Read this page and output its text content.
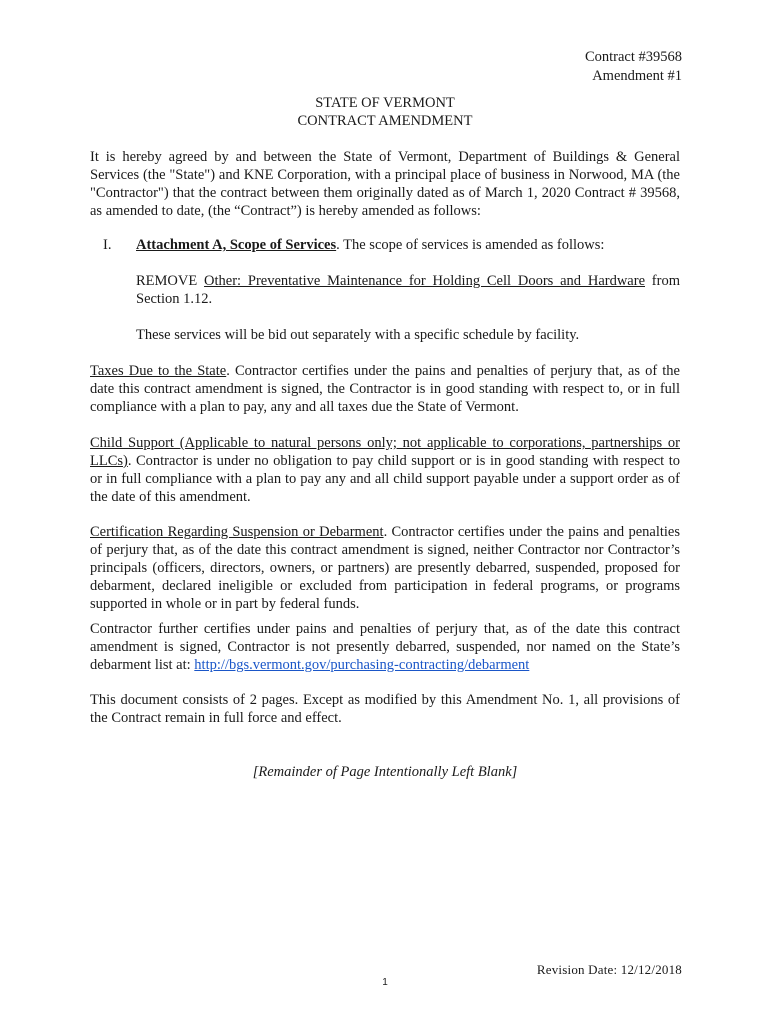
Contract #39568
Amendment #1
STATE OF VERMONT
CONTRACT AMENDMENT
It is hereby agreed by and between the State of Vermont, Department of Buildings & General Services (the "State") and KNE Corporation, with a principal place of business in Norwood, MA (the "Contractor") that the contract between them originally dated as of March 1, 2020 Contract # 39568, as amended to date, (the “Contract”) is hereby amended as follows:
I. Attachment A, Scope of Services. The scope of services is amended as follows:
REMOVE Other: Preventative Maintenance for Holding Cell Doors and Hardware from Section 1.12.
These services will be bid out separately with a specific schedule by facility.
Taxes Due to the State. Contractor certifies under the pains and penalties of perjury that, as of the date this contract amendment is signed, the Contractor is in good standing with respect to, or in full compliance with a plan to pay, any and all taxes due the State of Vermont.
Child Support (Applicable to natural persons only; not applicable to corporations, partnerships or LLCs). Contractor is under no obligation to pay child support or is in good standing with respect to or in full compliance with a plan to pay any and all child support payable under a support order as of the date of this amendment.
Certification Regarding Suspension or Debarment. Contractor certifies under the pains and penalties of perjury that, as of the date this contract amendment is signed, neither Contractor nor Contractor’s principals (officers, directors, owners, or partners) are presently debarred, suspended, proposed for debarment, declared ineligible or excluded from participation in federal programs, or programs supported in whole or in part by federal funds.
Contractor further certifies under pains and penalties of perjury that, as of the date this contract amendment is signed, Contractor is not presently debarred, suspended, nor named on the State’s debarment list at: http://bgs.vermont.gov/purchasing-contracting/debarment
This document consists of 2 pages. Except as modified by this Amendment No. 1, all provisions of the Contract remain in full force and effect.
[Remainder of Page Intentionally Left Blank]
Revision Date: 12/12/2018
1
